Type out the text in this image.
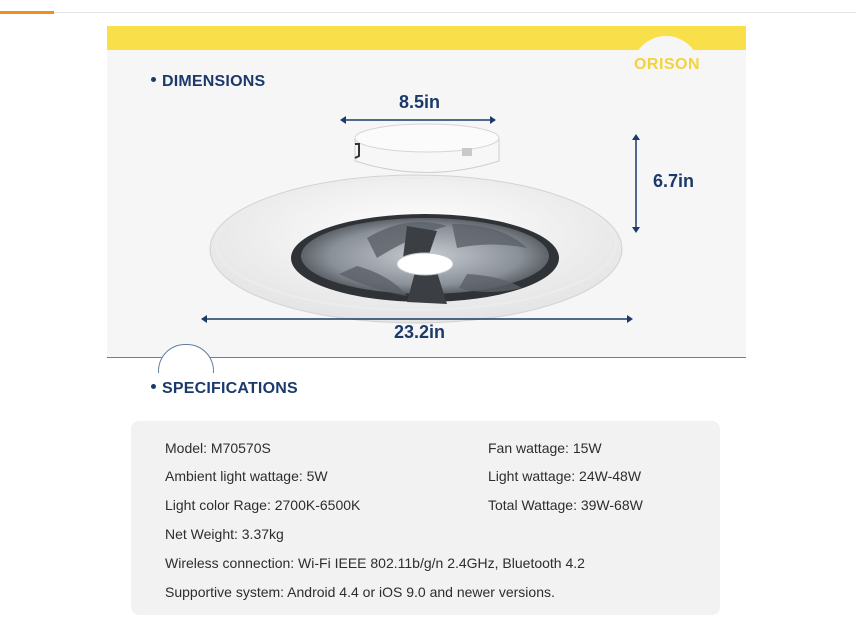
ORISON
DIMENSIONS
8.5in
6.7in
23.2in
SPECIFICATIONS
Model: M70570S	Fan wattage: 15W
Ambient light wattage: 5W	Light wattage: 24W-48W
Light color Rage: 2700K-6500K	Total Wattage: 39W-68W
Net Weight: 3.37kg
Wireless connection: Wi-Fi IEEE 802.11b/g/n 2.4GHz, Bluetooth 4.2
Supportive system: Android 4.4 or iOS 9.0 and newer versions.
